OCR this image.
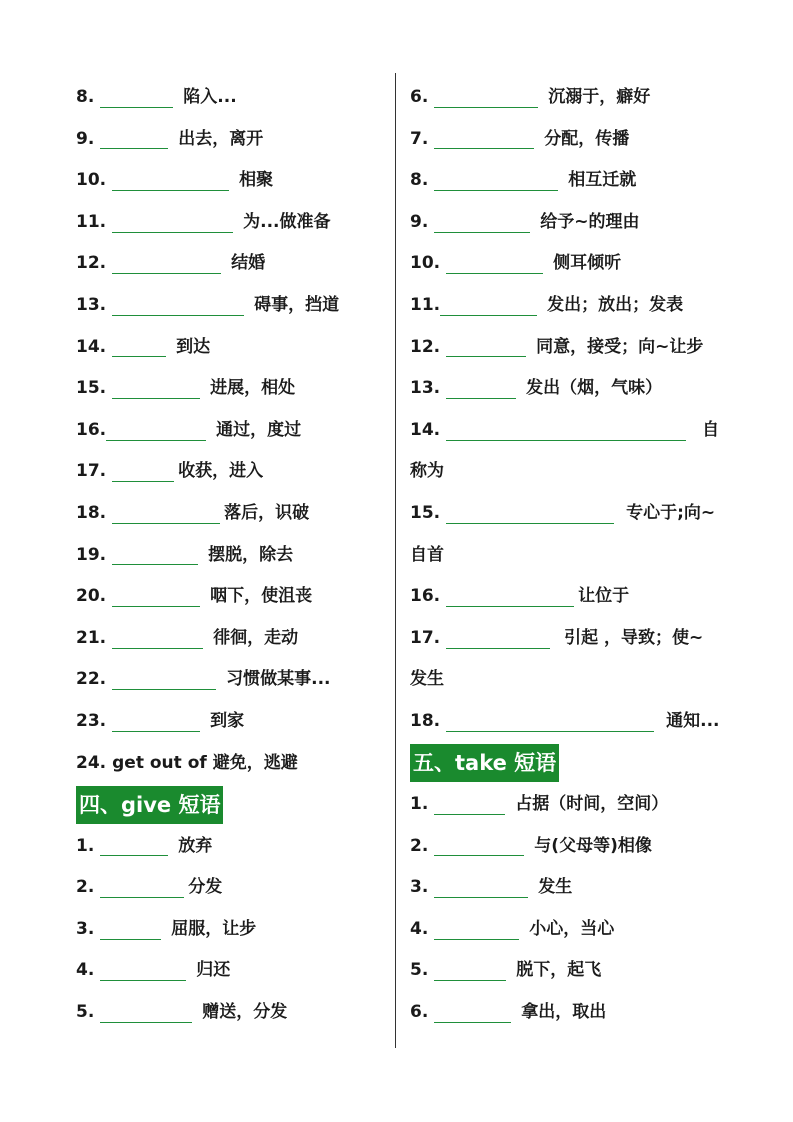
8.	陷入...
9.	出去，离开
10.	相聚
11.	为...做准备
12.	结婚
13.	碍事，挡道
14.	到达
15.	进展，相处
16.	通过，度过
17.	收获，进入
18.	落后，识破
19.	摆脱，除去
20.	咽下，使沮丧
21.	徘徊，走动
22.	习惯做某事...
23.	到家
24. get out of 避免，逃避
四、give 短语
1.	放弃
2.	分发
3.	屈服，让步
4.	归还
5.	赠送，分发
6.	沉溺于，癖好
7.	分配，传播
8.	相互迁就
9.	给予~的理由
10.	侧耳倾听
11.	发出；放出；发表
12.	同意，接受；向~让步
13.	发出（烟，气味）
14.	自
称为
15.	专心于;向~
自首
16.	让位于
17.	引起 ，导致；使~
发生
18.	通知...
五、take 短语
1.	占据（时间，空间）
2.	与(父母等)相像
3.	发生
4.	小心，当心
5.	脱下，起飞
6.	拿出，取出
